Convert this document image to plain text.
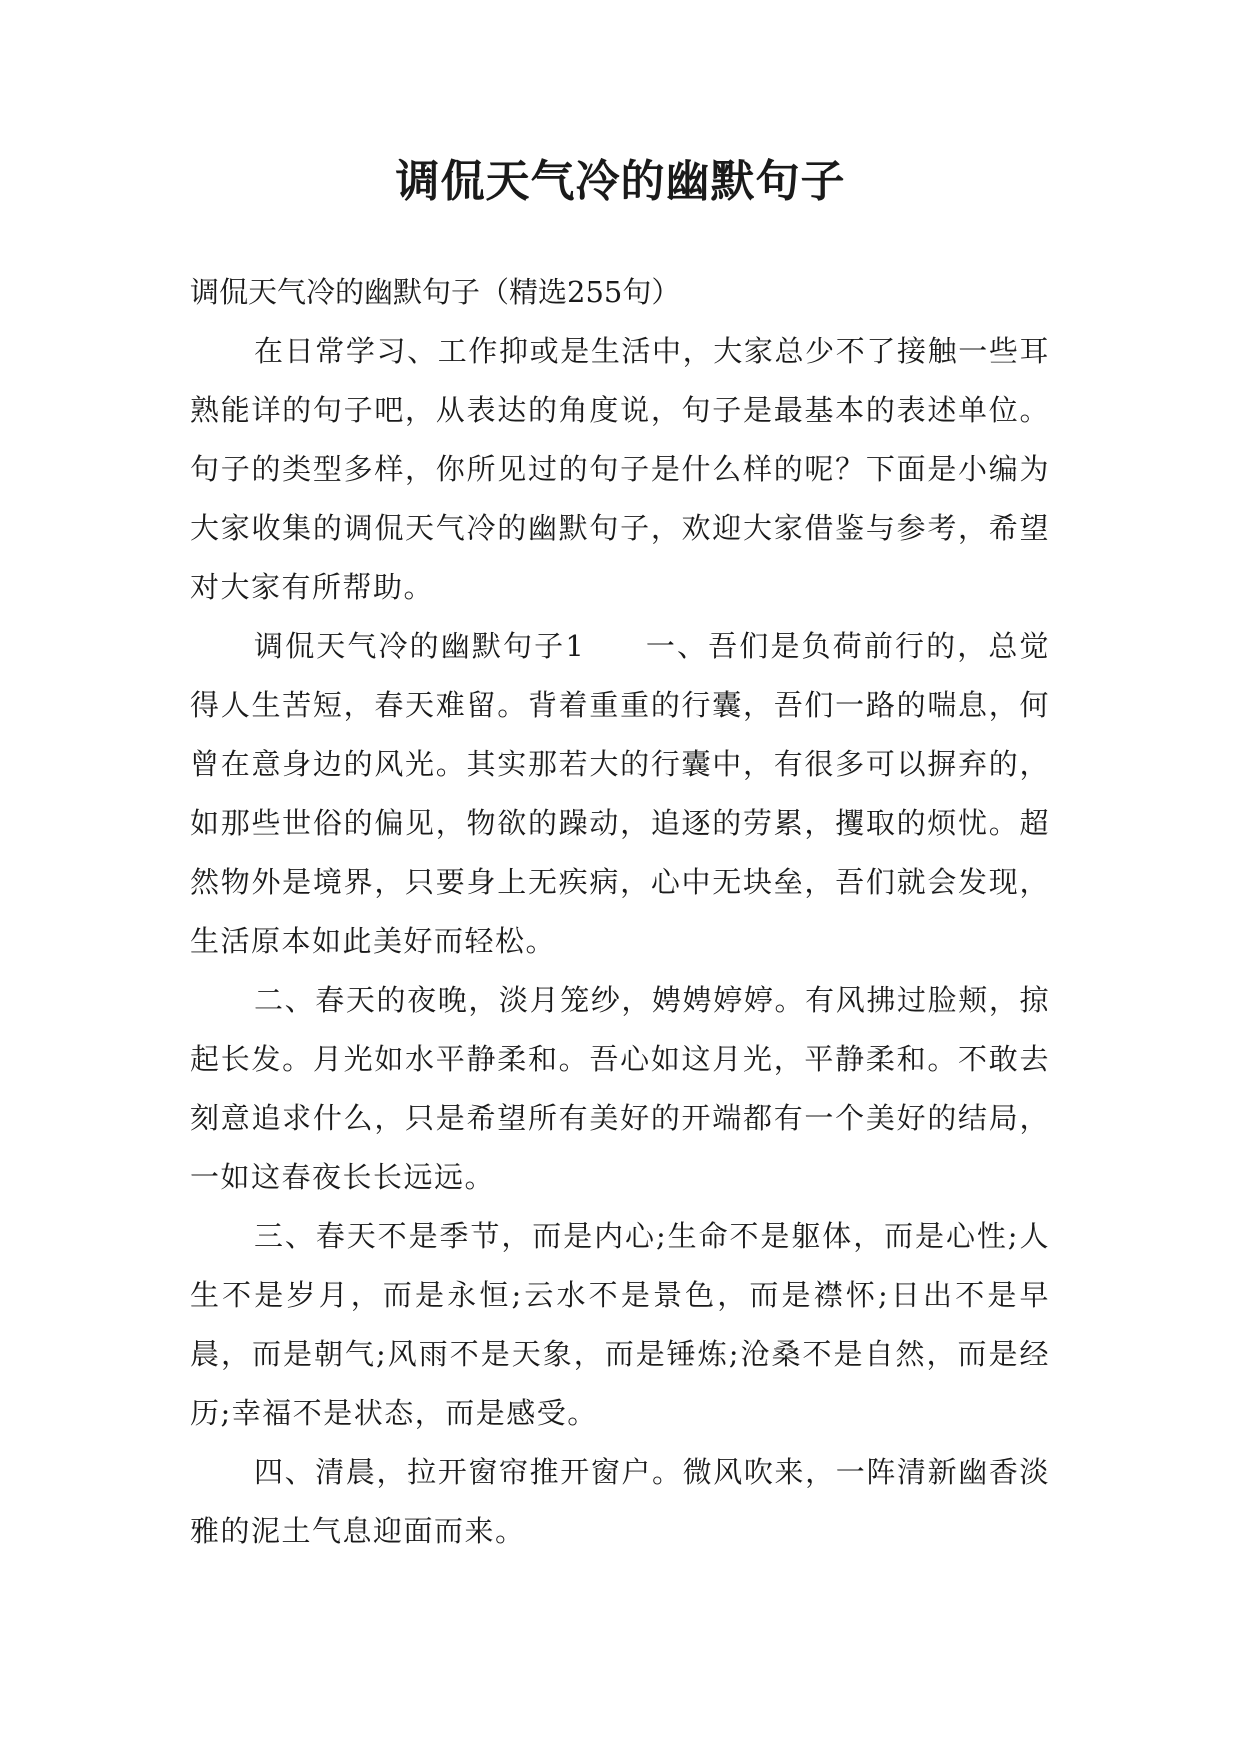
调侃天气冷的幽默句子

调侃天气冷的幽默句子（精选255句）

在日常学习、工作抑或是生活中，大家总少不了接触一些耳熟能详的句子吧，从表达的角度说，句子是最基本的表述单位。句子的类型多样，你所见过的句子是什么样的呢？下面是小编为大家收集的调侃天气冷的幽默句子，欢迎大家借鉴与参考，希望对大家有所帮助。

调侃天气冷的幽默句子1 一、吾们是负荷前行的，总觉得人生苦短，春天难留。背着重重的行囊，吾们一路的喘息，何曾在意身边的风光。其实那若大的行囊中，有很多可以摒弃的，如那些世俗的偏见，物欲的躁动，追逐的劳累，攫取的烦忧。超然物外是境界，只要身上无疾病，心中无块垒，吾们就会发现，生活原本如此美好而轻松。

二、春天的夜晚，淡月笼纱，娉娉婷婷。有风拂过脸颊，掠起长发。月光如水平静柔和。吾心如这月光，平静柔和。不敢去刻意追求什么，只是希望所有美好的开端都有一个美好的结局，一如这春夜长长远远。

三、春天不是季节，而是内心;生命不是躯体，而是心性;人生不是岁月，而是永恒;云水不是景色，而是襟怀;日出不是早晨，而是朝气;风雨不是天象，而是锤炼;沧桑不是自然，而是经历;幸福不是状态，而是感受。

四、清晨，拉开窗帘推开窗户。微风吹来，一阵清新幽香淡雅的泥土气息迎面而来。
